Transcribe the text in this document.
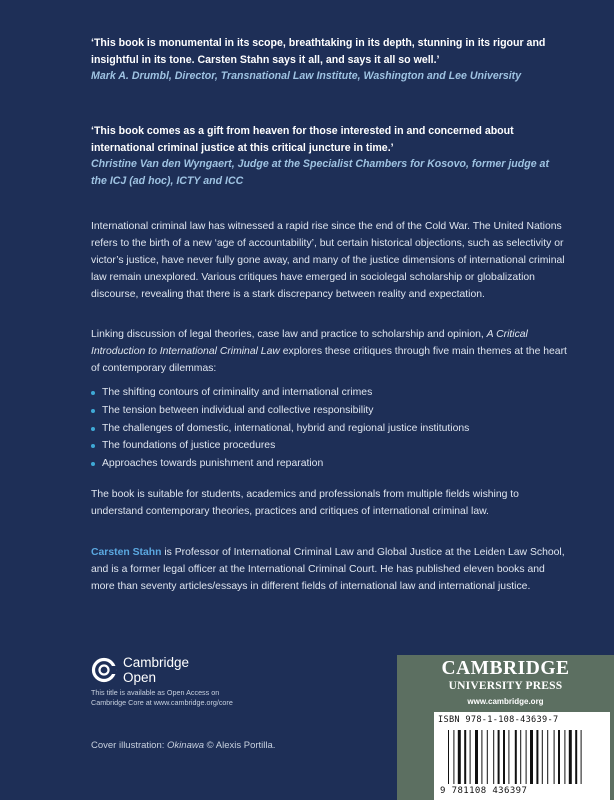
‘This book is monumental in its scope, breathtaking in its depth, stunning in its rigour and insightful in its tone. Carsten Stahn says it all, and says it all so well.’
Mark A. Drumbl, Director, Transnational Law Institute, Washington and Lee University
‘This book comes as a gift from heaven for those interested in and concerned about international criminal justice at this critical juncture in time.’
Christine Van den Wyngaert, Judge at the Specialist Chambers for Kosovo, former judge at the ICJ (ad hoc), ICTY and ICC
International criminal law has witnessed a rapid rise since the end of the Cold War. The United Nations refers to the birth of a new ‘age of accountability’, but certain historical objections, such as selectivity or victor’s justice, have never fully gone away, and many of the justice dimensions of international criminal law remain unexplored. Various critiques have emerged in sociolegal scholarship or globalization discourse, revealing that there is a stark discrepancy between reality and expectation.
Linking discussion of legal theories, case law and practice to scholarship and opinion, A Critical Introduction to International Criminal Law explores these critiques through five main themes at the heart of contemporary dilemmas:
The shifting contours of criminality and international crimes
The tension between individual and collective responsibility
The challenges of domestic, international, hybrid and regional justice institutions
The foundations of justice procedures
Approaches towards punishment and reparation
The book is suitable for students, academics and professionals from multiple fields wishing to understand contemporary theories, practices and critiques of international criminal law.
Carsten Stahn is Professor of International Criminal Law and Global Justice at the Leiden Law School, and is a former legal officer at the International Criminal Court. He has published eleven books and more than seventy articles/essays in different fields of international law and international justice.
Cambridge
Open
This title is available as Open Access on
Cambridge Core at www.cambridge.org/core
Cover illustration: Okinawa © Alexis Portilla.
CAMBRIDGE
UNIVERSITY PRESS
www.cambridge.org
ISBN 978-1-108-43639-7
9 781108 436397
